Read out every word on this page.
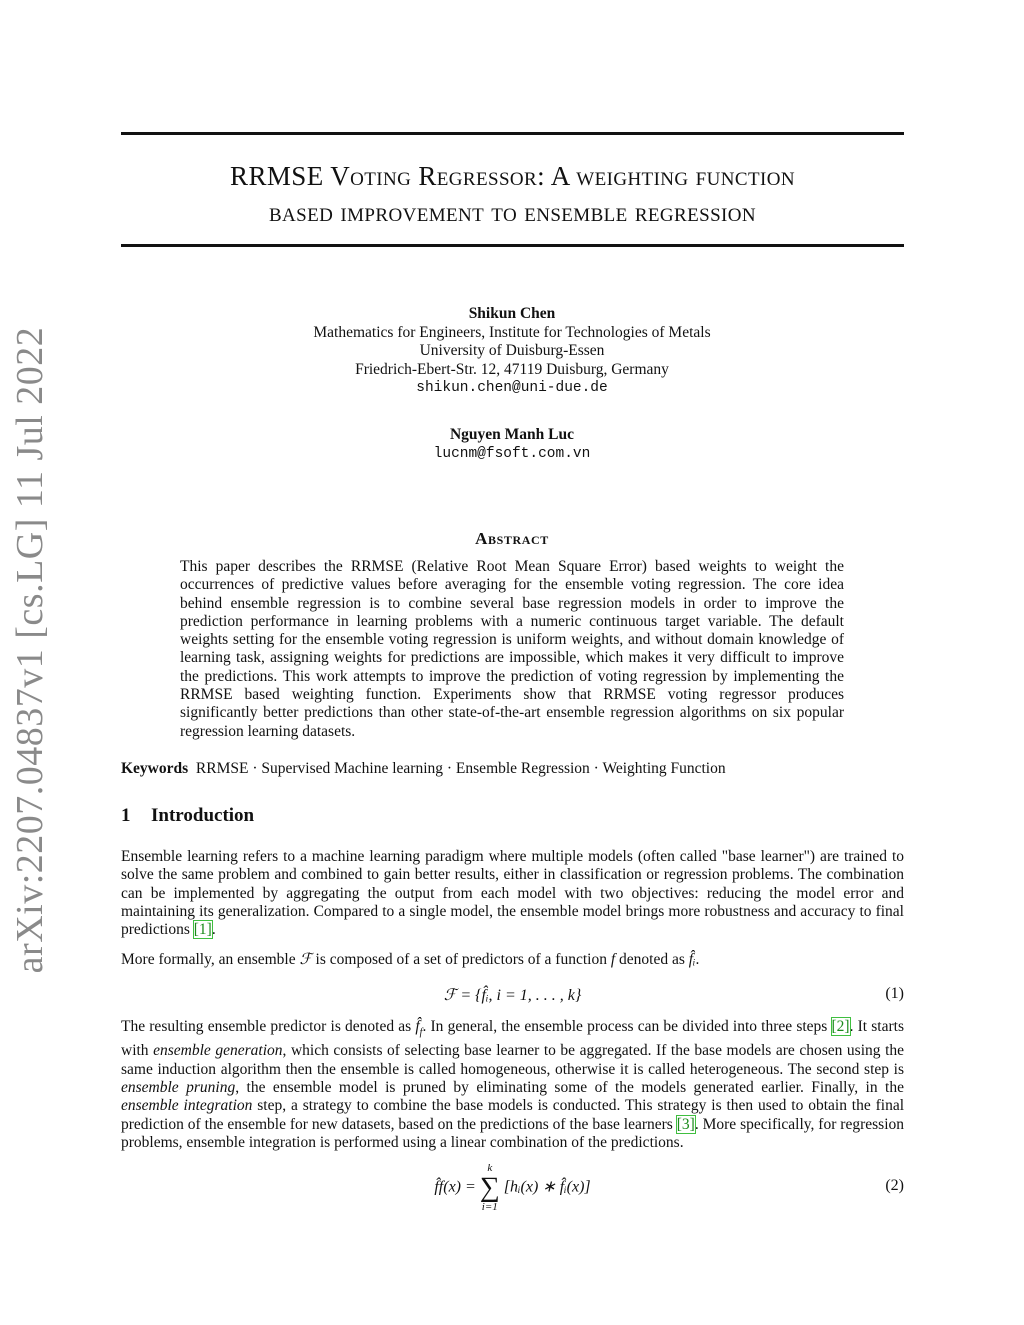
arXiv:2207.04837v1 [cs.LG] 11 Jul 2022
RRMSE Voting Regressor: A weighting function
based improvement to ensemble regression
Shikun Chen
Mathematics for Engineers, Institute for Technologies of Metals
University of Duisburg-Essen
Friedrich-Ebert-Str. 12, 47119 Duisburg, Germany
shikun.chen@uni-due.de
Nguyen Manh Luc
lucnm@fsoft.com.vn
Abstract
This paper describes the RRMSE (Relative Root Mean Square Error) based weights to weight the occurrences of predictive values before averaging for the ensemble voting regression. The core idea behind ensemble regression is to combine several base regression models in order to improve the prediction performance in learning problems with a numeric continuous target variable. The default weights setting for the ensemble voting regression is uniform weights, and without domain knowledge of learning task, assigning weights for predictions are impossible, which makes it very difficult to improve the predictions. This work attempts to improve the prediction of voting regression by implementing the RRMSE based weighting function. Experiments show that RRMSE voting regressor produces significantly better predictions than other state-of-the-art ensemble regression algorithms on six popular regression learning datasets.
Keywords RRMSE · Supervised Machine learning · Ensemble Regression · Weighting Function
1 Introduction
Ensemble learning refers to a machine learning paradigm where multiple models (often called "base learner") are trained to solve the same problem and combined to gain better results, either in classification or regression problems. The combination can be implemented by aggregating the output from each model with two objectives: reducing the model error and maintaining its generalization. Compared to a single model, the ensemble model brings more robustness and accuracy to final predictions [1].
More formally, an ensemble ℱ is composed of a set of predictors of a function f denoted as f̂ᵢ.
ℱ = {f̂ᵢ, i = 1, . . . , k}	(1)
The resulting ensemble predictor is denoted as $f̂_f$. In general, the ensemble process can be divided into three steps [2]. It starts with ensemble generation, which consists of selecting base learner to be aggregated. If the base models are chosen using the same induction algorithm then the ensemble is called homogeneous, otherwise it is called heterogeneous. The second step is ensemble pruning, the ensemble model is pruned by eliminating some of the models generated earlier. Finally, in the ensemble integration step, a strategy to combine the base models is conducted. This strategy is then used to obtain the final prediction of the ensemble for new datasets, based on the predictions of the base learners [3]. More specifically, for regression problems, ensemble integration is performed using a linear combination of the predictions.
f̂f(x) =
k
∑
i=1
[hᵢ(x) ∗ f̂ᵢ(x)]	(2)
